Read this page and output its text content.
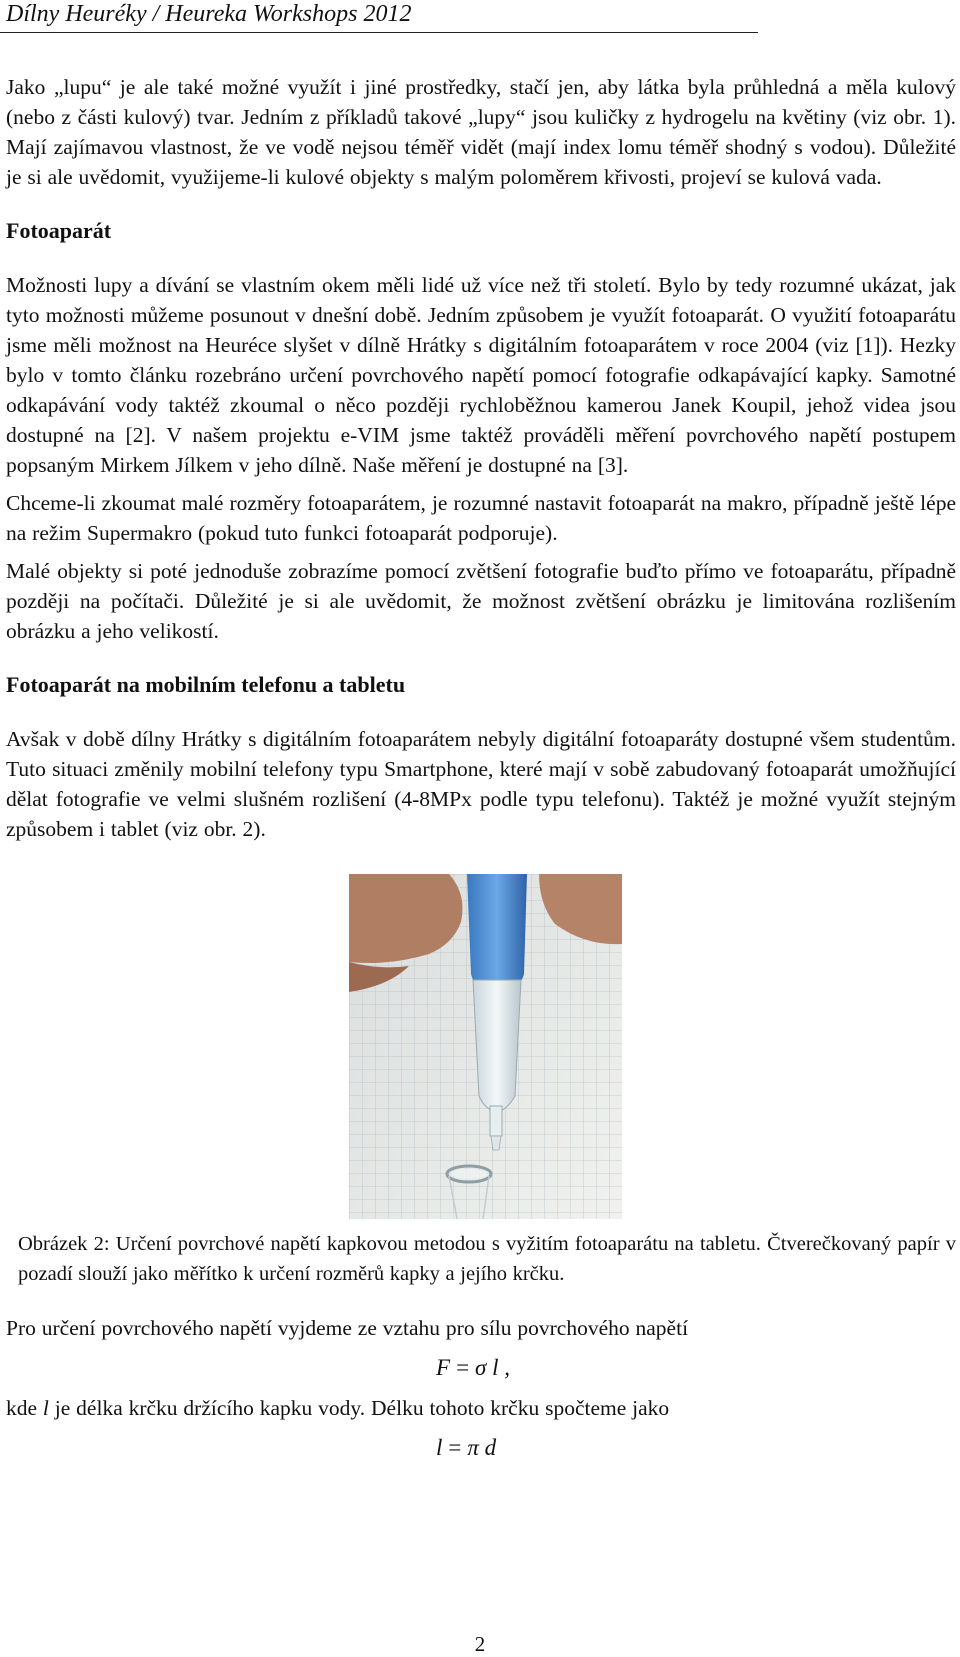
Dílny Heuréky / Heureka Workshops 2012

Jako „lupu“ je ale také možné využít i jiné prostředky, stačí jen, aby látka byla průhledná a měla kulový (nebo z části kulový) tvar. Jedním z příkladů takové „lupy“ jsou kuličky z hydrogelu na květiny (viz obr. 1). Mají zajímavou vlastnost, že ve vodě nejsou téměř vidět (mají index lomu téměř shodný s vodou). Důležité je si ale uvědomit, využijeme-li kulové objekty s malým poloměrem křivosti, projeví se kulová vada.

Fotoaparát

Možnosti lupy a dívání se vlastním okem měli lidé už více než tři století. Bylo by tedy rozumné ukázat, jak tyto možnosti můžeme posunout v dnešní době. Jedním způsobem je využít fotoaparát. O využití fotoaparátu jsme měli možnost na Heuréce slyšet v dílně Hrátky s digitálním fotoaparátem v roce 2004 (viz [1]). Hezky bylo v tomto článku rozebráno určení povrchového napětí pomocí fotografie odkapávající kapky. Samotné odkapávání vody taktéž zkoumal o něco později rychloběžnou kamerou Janek Koupil, jehož videa jsou dostupné na [2]. V našem projektu e-VIM jsme taktéž prováděli měření povrchového napětí postupem popsaným Mirkem Jílkem v jeho dílně. Naše měření je dostupné na [3].

Chceme-li zkoumat malé rozměry fotoaparátem, je rozumné nastavit fotoaparát na makro, případně ještě lépe na režim Supermakro (pokud tuto funkci fotoaparát podporuje).

Malé objekty si poté jednoduše zobrazíme pomocí zvětšení fotografie buďto přímo ve fotoaparátu, případně později na počítači. Důležité je si ale uvědomit, že možnost zvětšení obrázku je limitována rozlišením obrázku a jeho velikostí.

Fotoaparát na mobilním telefonu a tabletu

Avšak v době dílny Hrátky s digitálním fotoaparátem nebyly digitální fotoaparáty dostupné všem studentům. Tuto situaci změnily mobilní telefony typu Smartphone, které mají v sobě zabudovaný fotoaparát umožňující dělat fotografie ve velmi slušném rozlišení (4-8MPx podle typu telefonu). Taktéž je možné využít stejným způsobem i tablet (viz obr. 2).

Obrázek 2: Určení povrchové napětí kapkovou metodou s vyžitím fotoaparátu na tabletu. Čtverečkovaný papír v pozadí slouží jako měřítko k určení rozměrů kapky a jejího krčku.

Pro určení povrchového napětí vyjdeme ze vztahu pro sílu povrchového napětí

F = σ l ,

kde l je délka krčku držícího kapku vody. Délku tohoto krčku spočteme jako

l = π d
2
